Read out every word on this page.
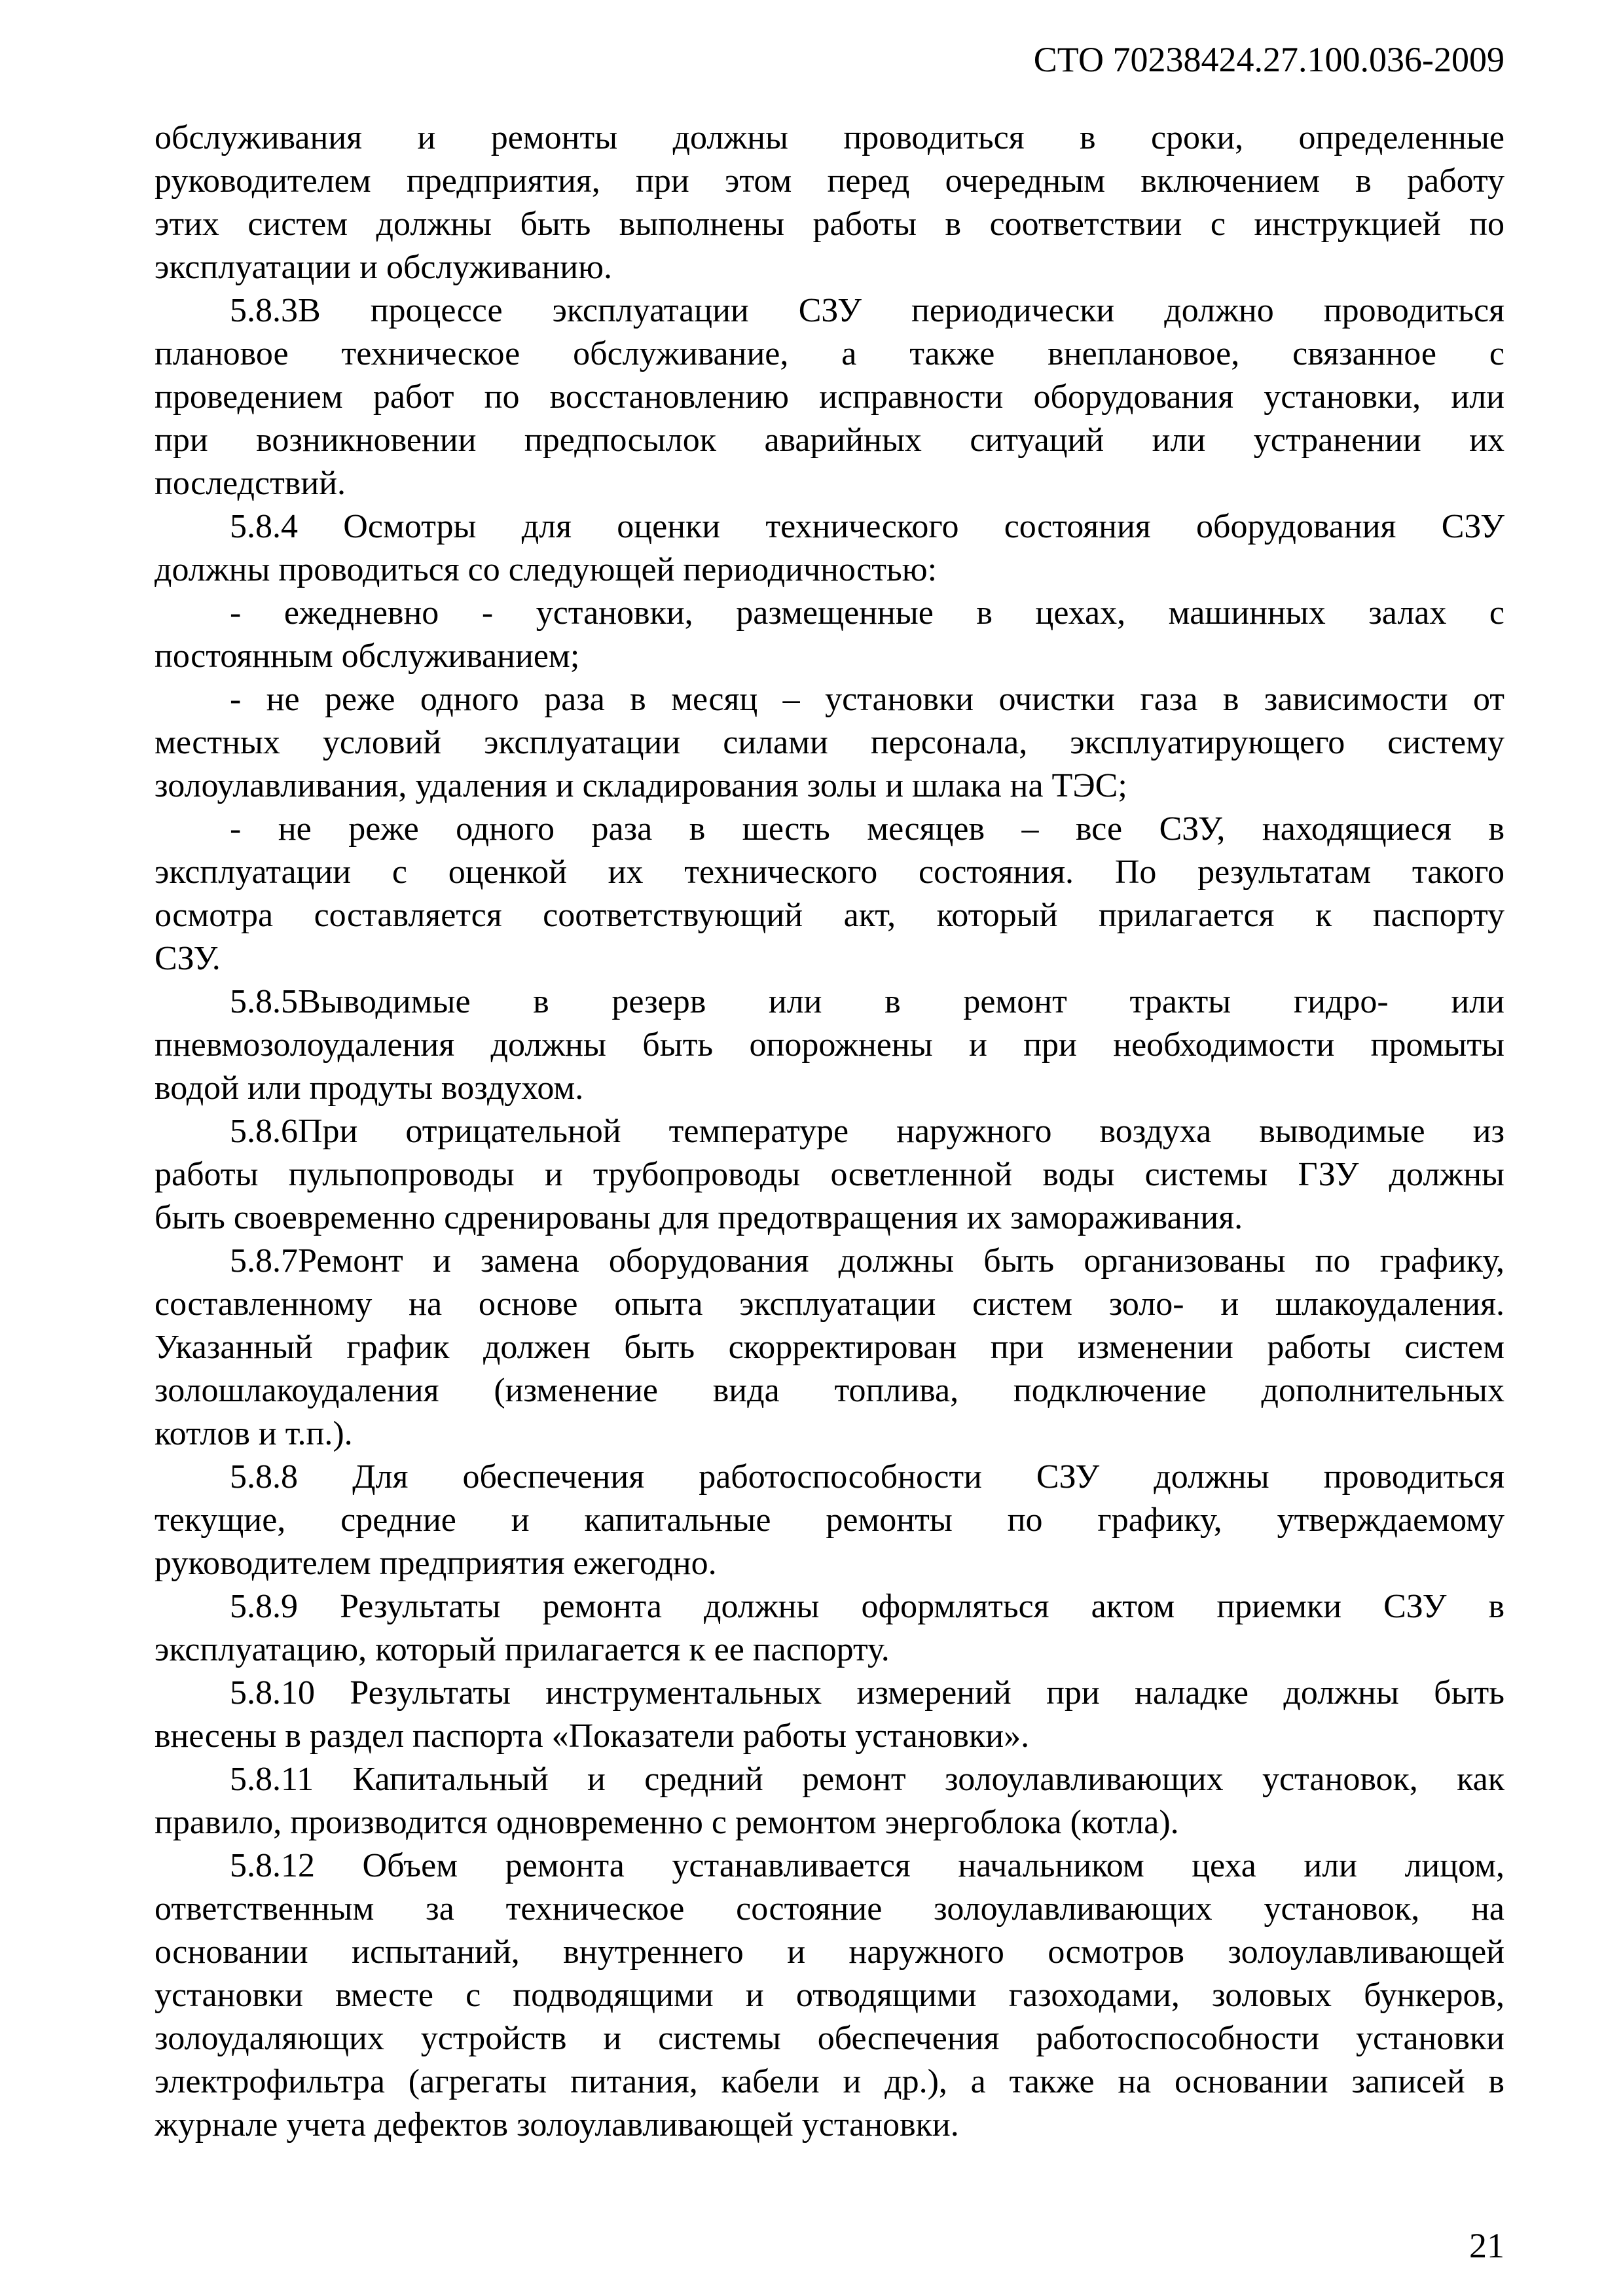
СТО 70238424.27.100.036-2009
обслуживания и ремонты должны проводиться в сроки, определенные
руководителем предприятия, при этом перед очередным включением в работу
этих систем должны быть выполнены работы в соответствии с инструкцией по
эксплуатации и обслуживанию.
5.8.3В процессе эксплуатации СЗУ периодически должно проводиться
плановое техническое обслуживание, а также внеплановое, связанное с
проведением работ по восстановлению исправности оборудования установки, или
при возникновении предпосылок аварийных ситуаций или устранении их
последствий.
5.8.4 Осмотры для оценки технического состояния оборудования СЗУ
должны проводиться со следующей периодичностью:
- ежедневно - установки, размещенные в цехах, машинных залах с
постоянным обслуживанием;
- не реже одного раза в месяц – установки очистки газа в зависимости от
местных условий эксплуатации силами персонала, эксплуатирующего систему
золоулавливания, удаления и складирования золы и шлака на ТЭС;
- не реже одного раза в шесть месяцев – все СЗУ, находящиеся в
эксплуатации с оценкой их технического состояния. По результатам такого
осмотра составляется соответствующий акт, который прилагается к паспорту
СЗУ.
5.8.5Выводимые в резерв или в ремонт тракты гидро- или
пневмозолоудаления должны быть опорожнены и при необходимости промыты
водой или продуты воздухом.
5.8.6При отрицательной температуре наружного воздуха выводимые из
работы пульпопроводы и трубопроводы осветленной воды системы ГЗУ должны
быть своевременно сдренированы для предотвращения их замораживания.
5.8.7Ремонт и замена оборудования должны быть организованы по графику,
составленному на основе опыта эксплуатации систем золо- и шлакоудаления.
Указанный график должен быть скорректирован при изменении работы систем
золошлакоудаления (изменение вида топлива, подключение дополнительных
котлов и т.п.).
5.8.8 Для обеспечения работоспособности СЗУ должны проводиться
текущие, средние и капитальные ремонты по графику, утверждаемому
руководителем предприятия ежегодно.
5.8.9 Результаты ремонта должны оформляться актом приемки СЗУ в
эксплуатацию, который прилагается к ее паспорту.
5.8.10 Результаты инструментальных измерений при наладке должны быть
внесены в раздел паспорта «Показатели работы установки».
5.8.11 Капитальный и средний ремонт золоулавливающих установок, как
правило, производится одновременно с ремонтом энергоблока (котла).
5.8.12 Объем ремонта устанавливается начальником цеха или лицом,
ответственным за техническое состояние золоулавливающих установок, на
основании испытаний, внутреннего и наружного осмотров золоулавливающей
установки вместе с подводящими и отводящими газоходами, золовых бункеров,
золоудаляющих устройств и системы обеспечения работоспособности установки
электрофильтра (агрегаты питания, кабели и др.), а также на основании записей в
журнале учета дефектов золоулавливающей установки.
21
